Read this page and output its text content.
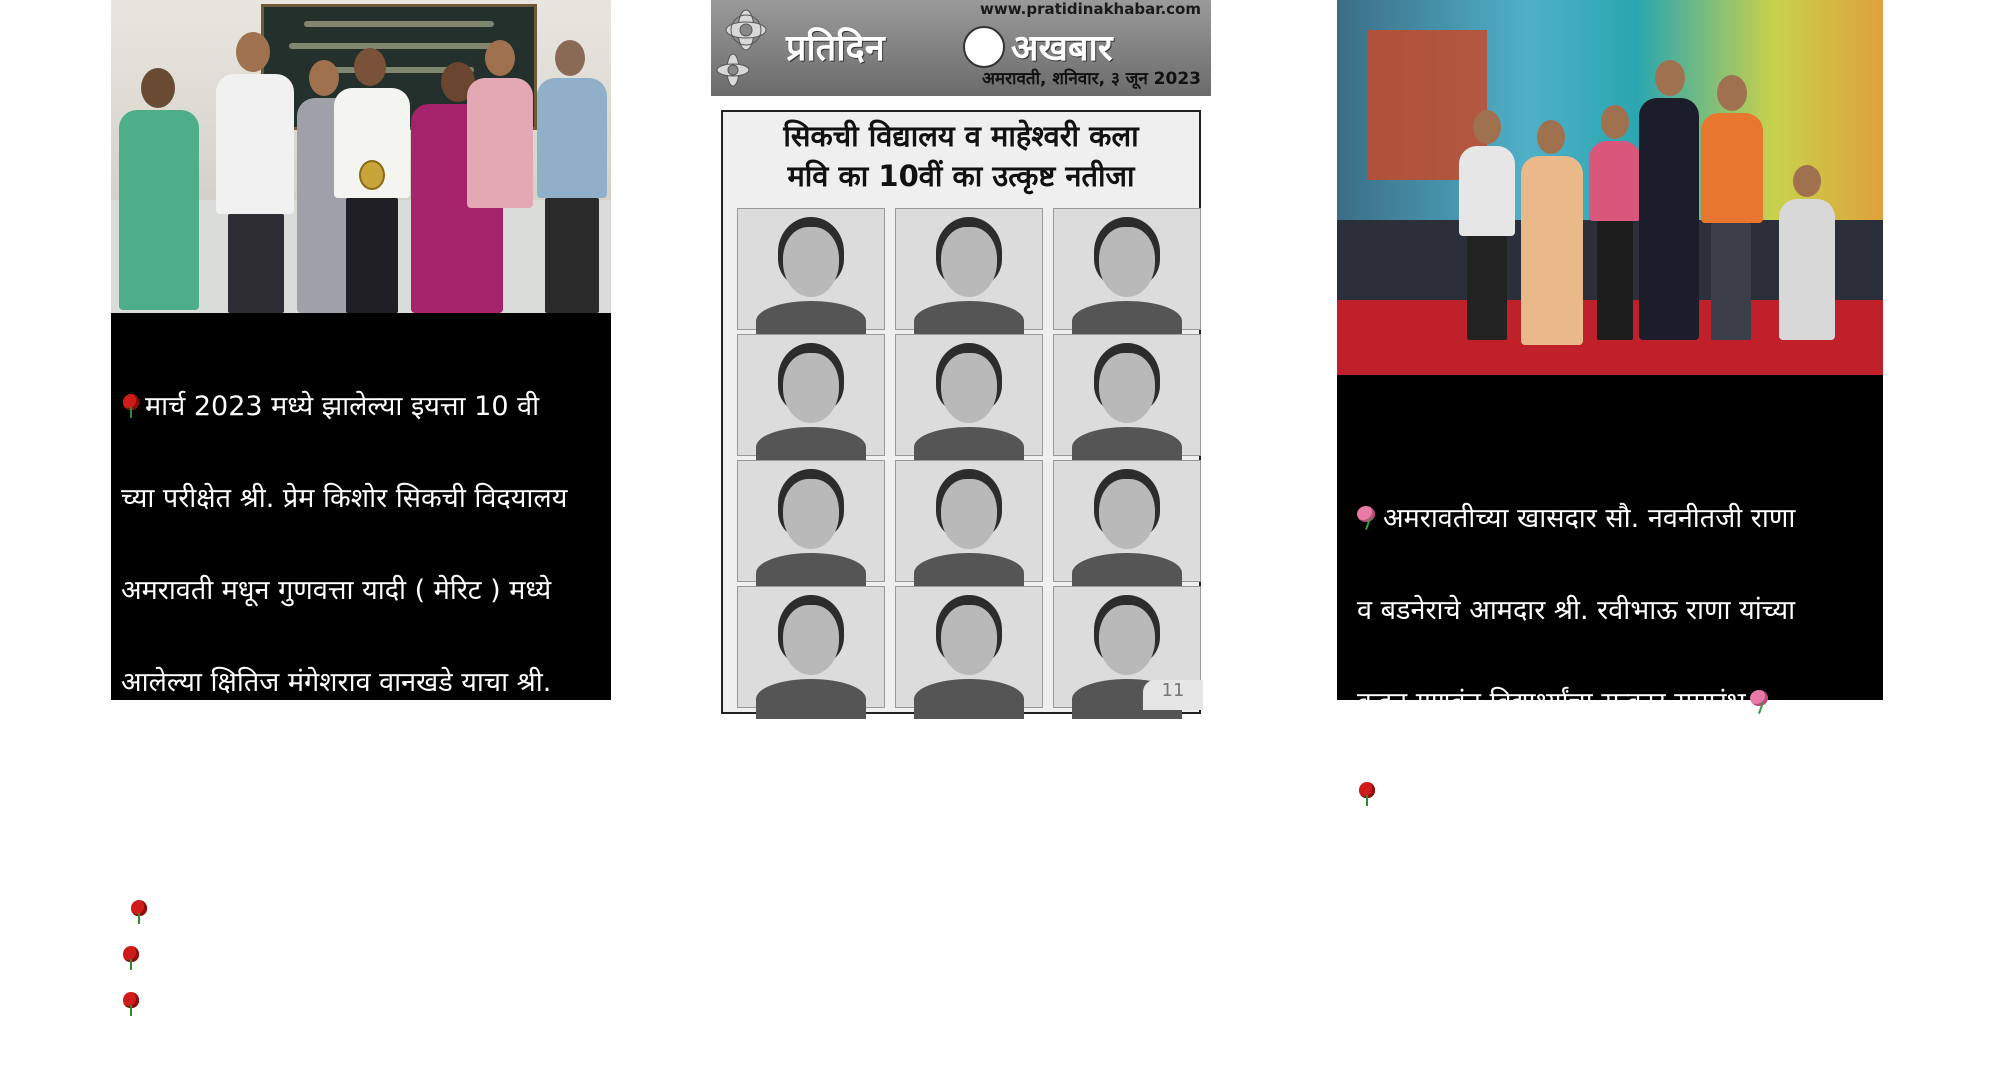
मार्च 2023 मध्ये झालेल्या इयत्ता 10 वी

च्या परीक्षेत श्री. प्रेम किशोर सिकची विदयालय

अमरावती मधून गुणवत्ता यादी ( मेरिट ) मध्ये

आलेल्या क्षितिज मंगेशराव वानखडे याचा श्री.

गणेशदास राठी छात्रालय समिती अमरावती

तर्फे सत्कार करण्यात आला.....

www.pratidinakhabar.com
प्रतिदिन	अखबार
अमरावती, शनिवार, ३ जून 2023
सिकची विद्यालय व माहेश्वरी कला
मवि का 10वीं का उत्कृष्ट नतीजा
11

अमरावतीच्या खासदार सौ. नवनीतजी राणा

व बडनेराचे आमदार श्री. रवीभाऊ राणा यांच्या

कडून गुणवंत विद्यार्थ्यांचा सत्कार समारंभ
